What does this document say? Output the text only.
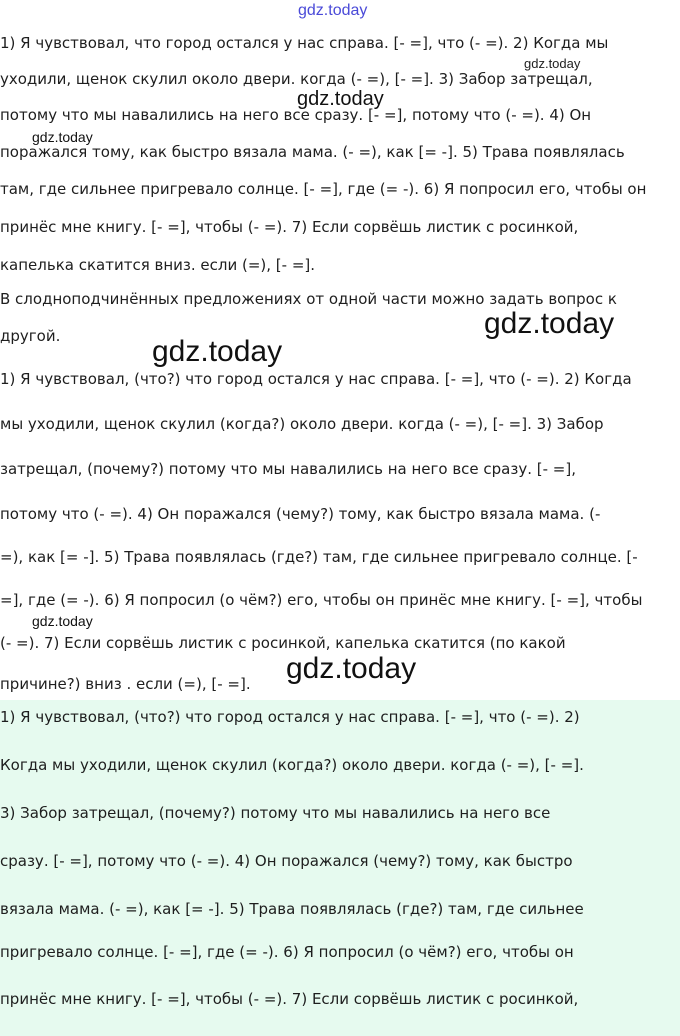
gdz.today
gdz.today
gdz.today
gdz.today
gdz.today
gdz.today
gdz.today
gdz.today
1) Я чувствовал, что город остался у нас справа. [- =], что (- =). 2) Когда мы
уходили, щенок скулил около двери. когда (- =), [- =]. 3) Забор затрещал,
потому что мы навалились на него все сразу. [- =], потому что (- =). 4) Он
поражался тому, как быстро вязала мама. (- =), как [= -]. 5) Трава появлялась
там, где сильнее пригревало солнце. [- =], где (= -). 6) Я попросил его, чтобы он
принёс мне книгу. [- =], чтобы (- =). 7) Если сорвёшь листик с росинкой,
капелька скатится вниз. если (=), [- =].
В слодноподчинённых предложениях от одной части можно задать вопрос к
другой.
1) Я чувствовал, (что?) что город остался у нас справа. [- =], что (- =). 2) Когда
мы уходили, щенок скулил (когда?) около двери. когда (- =), [- =]. 3) Забор
затрещал, (почему?) потому что мы навалились на него все сразу. [- =],
потому что (- =). 4) Он поражался (чему?) тому, как быстро вязала мама. (-
=), как [= -]. 5) Трава появлялась (где?) там, где сильнее пригревало солнце. [-
=], где (= -). 6) Я попросил (о чём?) его, чтобы он принёс мне книгу. [- =], чтобы
(- =). 7) Если сорвёшь листик с росинкой, капелька скатится (по какой
причине?) вниз . если (=), [- =].
1) Я чувствовал, (что?) что город остался у нас справа. [- =], что (- =). 2)
Когда мы уходили, щенок скулил (когда?) около двери. когда (- =), [- =].
3) Забор затрещал, (почему?) потому что мы навалились на него все
сразу. [- =], потому что (- =). 4) Он поражался (чему?) тому, как быстро
вязала мама. (- =), как [= -]. 5) Трава появлялась (где?) там, где сильнее
пригревало солнце. [- =], где (= -). 6) Я попросил (о чём?) его, чтобы он
принёс мне книгу. [- =], чтобы (- =). 7) Если сорвёшь листик с росинкой,
